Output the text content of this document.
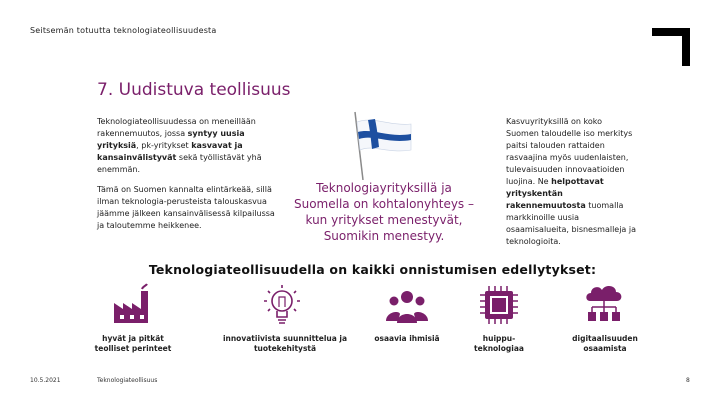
Seitsemän totuutta teknologiateollisuudesta
7. Uudistuva teollisuus
Teknologiateollisuudessa on meneillään rakennemuutos, jossa syntyy uusia yrityksiä, pk-yritykset kasvavat ja kansainvälistyvät sekä työllistävät yhä enemmän.
Tämä on Suomen kannalta elintärkeää, sillä ilman teknologia-perusteista talouskasvua jäämme jälkeen kansainvälisessä kilpailussa ja taloutemme heikkenee.
Teknologiayrityksillä ja Suomella on kohtalonyhteys – kun yritykset menestyvät, Suomikin menestyy.
Kasvuyrityksillä on koko Suomen taloudelle iso merkitys paitsi talouden rattaiden rasvaajina myös uudenlaisten, tulevaisuuden innovaatioiden luojina. Ne helpottavat yrityskentän rakennemuutosta tuomalla markkinoille uusia osaamisalueita, bisnesmalleja ja teknologioita.
Teknologiateollisuudella on kaikki onnistumisen edellytykset:
hyvät ja pitkät teolliset perinteet
innovatiivista suunnittelua ja tuotekehitystä
osaavia ihmisiä	huippu-teknologiaa
digitaalisuuden osaamista
10.5.2021	Teknologiateollisuus	8
